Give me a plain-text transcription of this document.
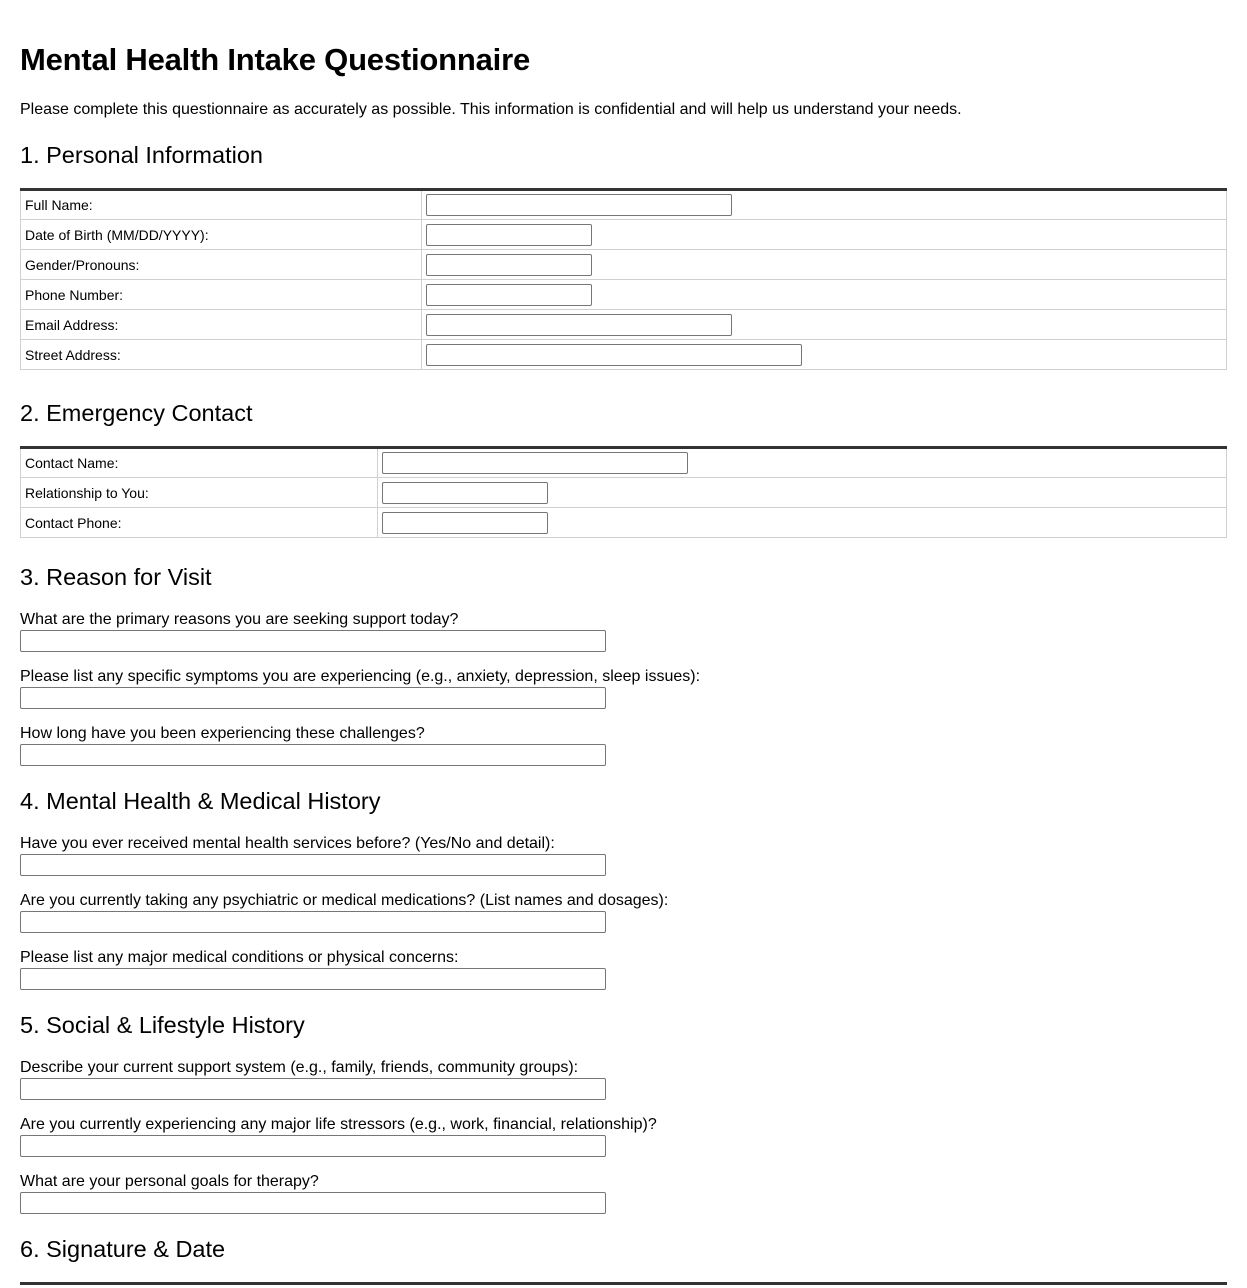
Mental Health Intake Questionnaire

Please complete this questionnaire as accurately as possible. This information is confidential and will help us understand your needs.

1. Personal Information
Full Name:	

Date of Birth (MM/DD/YYYY):	

Gender/Pronouns:	

Phone Number:	

Email Address:	

Street Address:	
2. Emergency Contact
Contact Name:	

Relationship to You:	

Contact Phone:	
3. Reason for Visit
What are the primary reasons you are seeking support today?
Please list any specific symptoms you are experiencing (e.g., anxiety, depression, sleep issues):
How long have you been experiencing these challenges?
4. Mental Health & Medical History
Have you ever received mental health services before? (Yes/No and detail):
Are you currently taking any psychiatric or medical medications? (List names and dosages):
Please list any major medical conditions or physical concerns:
5. Social & Lifestyle History
Describe your current support system (e.g., family, friends, community groups):
Are you currently experiencing any major life stressors (e.g., work, financial, relationship)?
What are your personal goals for therapy?
6. Signature & Date
